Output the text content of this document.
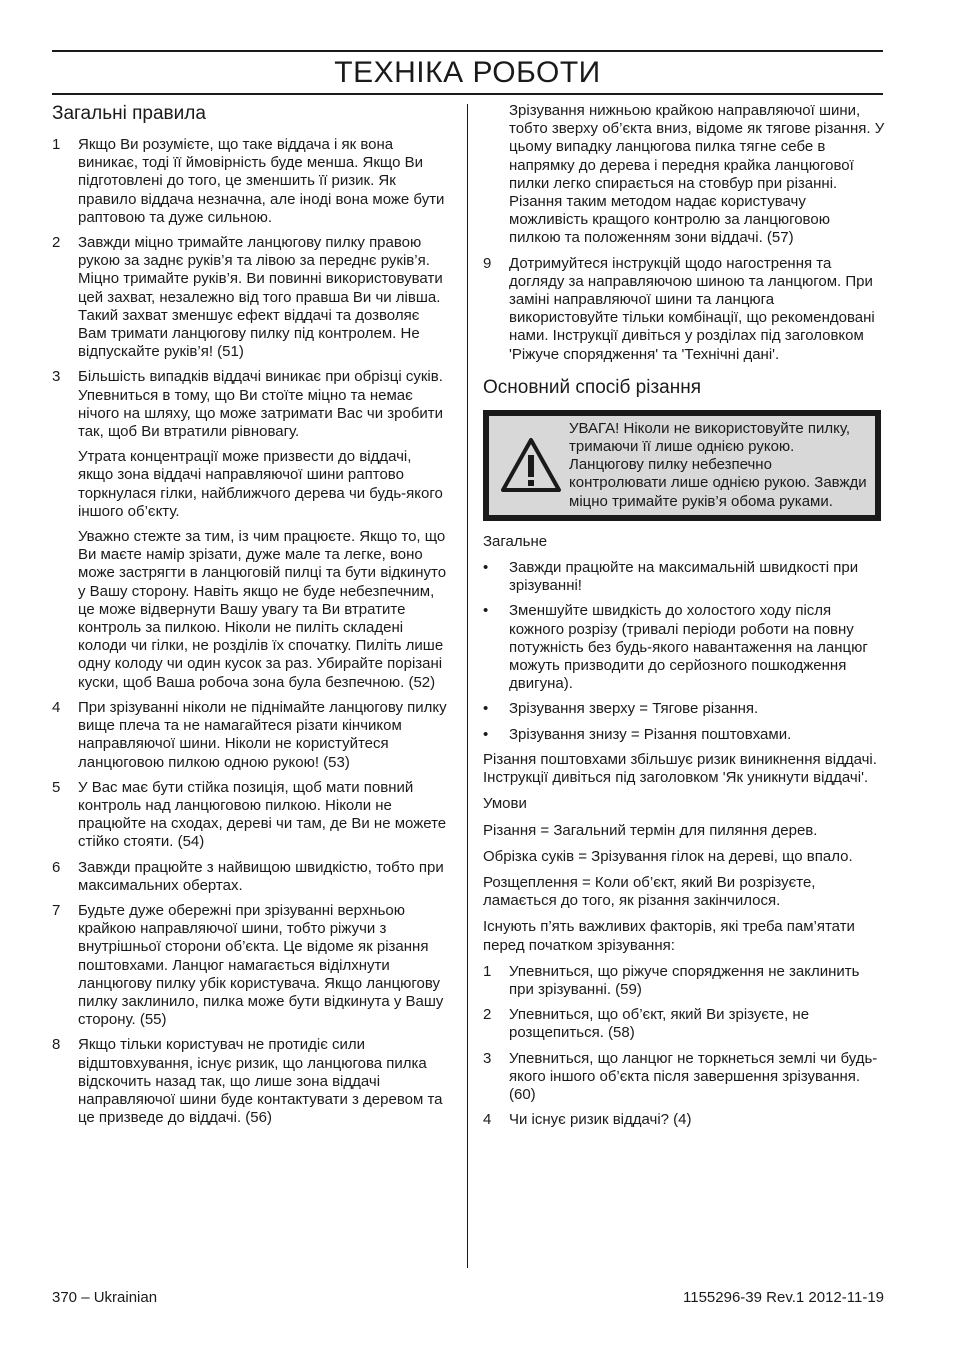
ТЕХНІКА РОБОТИ
Загальні правила
1 Якщо Ви розумієте, що таке віддача і як вона виникає, тоді її ймовірність буде менша. Якщо Ви підготовлені до того, це зменшить її ризик. Як правило віддача незначна, але іноді вона може бути раптовою та дуже сильною.

2 Завжди міцно тримайте ланцюгову пилку правою рукою за заднє руків’я та лівою за переднє руків’я. Міцно тримайте руків’я. Ви повинні використовувати цей захват, незалежно від того правша Ви чи лівша. Такий захват зменшує ефект віддачі та дозволяє Вам тримати ланцюгову пилку під контролем. Не відпускайте руків’я! (51)

3 Більшість випадків віддачі виникає при обрізці суків. Упевниться в тому, що Ви стоїте міцно та немає нічого на шляху, що може затримати Вас чи зробити так, щоб Ви втратили рівновагу.

Утрата концентрації може призвести до віддачі, якщо зона віддачі направляючої шини раптово торкнулася гілки, найближчого дерева чи будь-якого іншого об’єкту.

Уважно стежте за тим, із чим працюєте. Якщо то, що Ви маєте намір зрізати, дуже мале та легке, воно може застрягти в ланцюговій пилці та бути відкинуто у Вашу сторону. Навіть якщо не буде небезпечним, це може відвернути Вашу увагу та Ви втратите контроль за пилкою. Ніколи не пиліть складені колоди чи гілки, не розділів їх спочатку. Пиліть лише одну колоду чи один кусок за раз. Убирайте порізані куски, щоб Ваша робоча зона була безпечною. (52)

4 При зрізуванні ніколи не піднімайте ланцюгову пилку вище плеча та не намагайтеся різати кінчиком направляючої шини. Ніколи не користуйтеся ланцюговою пилкою одною рукою! (53)

5 У Вас має бути стійка позиція, щоб мати повний контроль над ланцюговою пилкою. Ніколи не працюйте на сходах, дереві чи там, де Ви не можете стійко стояти. (54)

6 Завжди працюйте з найвищою швидкістю, тобто при максимальних обертах.

7 Будьте дуже обережні при зрізуванні верхньою крайкою направляючої шини, тобто ріжучи з внутрішньої сторони об’єкта. Це відоме як різання поштовхами. Ланцюг намагається віділхнути ланцюгову пилку убік користувача. Якщо ланцюгову пилку заклинило, пилка може бути відкинута у Вашу сторону. (55)

8 Якщо тільки користувач не протидіє сили відштовхування, існує ризик, що ланцюгова пилка відскочить назад так, що лише зона віддачі направляючої шини буде контактувати з деревом та це призведе до віддачі. (56)

Зрізування нижньою крайкою направляючої шини, тобто зверху об’єкта вниз, відоме як тягове різання. У цьому випадку ланцюгова пилка тягне себе в напрямку до дерева і передня крайка ланцюгової пилки легко спирається на стовбур при різанні. Різання таким методом надає користувачу можливість кращого контролю за ланцюговою пилкою та положенням зони віддачі. (57)

9 Дотримуйтеся інструкцій щодо нагострення та догляду за направляючою шиною та ланцюгом. При заміні направляючої шини та ланцюга використовуйте тільки комбінації, що рекомендовані нами. Інструкції дивіться у розділах під заголовком 'Ріжуче спорядження' та 'Технічні дані'.

Основний спосіб різання

УВАГА! Ніколи не використовуйте пилку, тримаючи її лише однією рукою. Ланцюгову пилку небезпечно контролювати лише однією рукою. Завжди міцно тримайте руків’я обома руками.

Загальне

• Завжди працюйте на максимальній швидкості при зрізуванні!

• Зменшуйте швидкість до холостого ходу після кожного розрізу (тривалі періоди роботи на повну потужність без будь-якого навантаження на ланцюг можуть призводити до серйозного пошкодження двигуна).

• Зрізування зверху = Тягове різання.

• Зрізування знизу = Різання поштовхами.

Різання поштовхами збільшує ризик виникнення віддачі. Інструкції дивіться під заголовком 'Як уникнути віддачі'.

Умови

Різання = Загальний термін для пиляння дерев.

Обрізка суків = Зрізування гілок на дереві, що впало.

Розщеплення = Коли об’єкт, який Ви розрізуєте, ламається до того, як різання закінчилося.

Існують п’ять важливих факторів, які треба пам’ятати перед початком зрізування:

1 Упевниться, що ріжуче спорядження не заклинить при зрізуванні. (59)

2 Упевниться, що об’єкт, який Ви зрізуєте, не розщепиться. (58)

3 Упевниться, що ланцюг не торкнеться землі чи будь-якого іншого об’єкта після завершення зрізування. (60)

4 Чи існує ризик віддачі? (4)

370 – Ukrainian	1155296-39 Rev.1 2012-11-19
